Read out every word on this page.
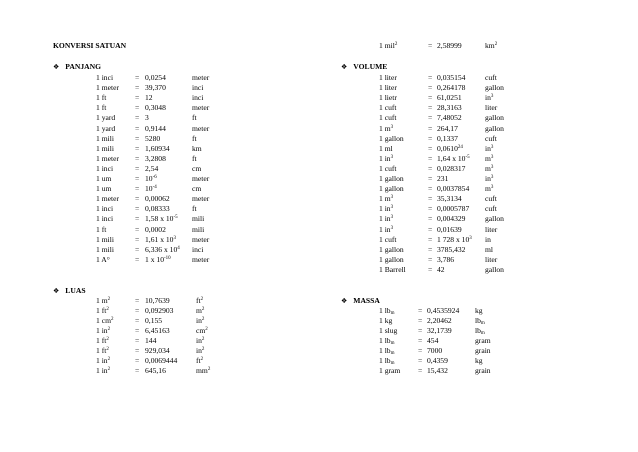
KONVERSI SATUAN
❖ PANJANG
1 inci	= 0,0254	meter
1 meter = 39,370	inci
1 ft	= 12	inci
1 ft	= 0,3048	meter
1 yard	= 3	ft
1 yard	= 0,9144	meter
1 mili	= 5280	ft
1 mili	= 1,60934	km
1 meter = 3,2808	ft
1 inci	= 2,54	cm
1 um	= $10^{-6}$	meter
1 um	= $10^{-4}$	cm
1 meter = 0,00062	meter
1 inci	= 0,08333	ft
1 inci	= 1,58 x $10^{-5}$ mili
1 ft	= 0,0002	mili
1 mili	= 1,61 x $10^3$ meter
1 mili	= 6,336 x $10^4$ inci
1 A°	= 1 x $10^{-10}$	meter
❖ LUAS
1 $m^2$	= 10,7639	$ft^2$
1 $ft^2$	= 0,092903	$m^2$
1 $cm^2$	= 0,155	$in^2$
1 $in^2$	= 6,45163	$cm^2$
1 $ft^2$	= 144	$in^2$
1 $ft^2$	= 929,034	$in^2$
1 $in^2$	= 0,0069444 $ft^2$
1 $in^2$	= 645,16	$mm^2$
1 mil$^2$	= 2,58999	$km^2$
❖ VOLUME
1 liter	= 0,035154	cuft
1 liter	= 0,264178	gallon
1 lietr	= 61,0251	$in^3$
1 cuft	= 28,3163	liter
1 cuft	= 7,48052	gallon
1 $m^3$	= 264,17	gallon
1 gallon	= 0,1337	cuft
1 ml	= $0,0610^{24}$	$in^3$
1 $in^3$	= 1,64 x $10^{-5}$ $m^3$
1 cuft	= 0,028317	$m^3$
1 gallon	= 231	$in^3$
1 gallon	= 0,0037854 $m^3$
1 $m^3$	= 35,3134	cuft
1 $in^3$	= 0,0005787 cuft
1 $in^3$	= 0,004329	gallon
1 $in^3$	= 0,01639	liter
1 cuft	= 1 728 x $10^3$ in
1 gallon	= 3785,432	ml
1 gallon	= 3,786	liter
1 Barrell	= 42	gallon
❖ MASSA
1 $lb_m$	= 0,4535924 kg
1 kg	= 2,20462	$lb_m$
1 slug	= 32,1739	$lb_m$
1 $lb_m$	= 454	gram
1 $lb_m$	= 7000	grain
1 $lb_m$	= 0,4359	kg
1 gram = 15,432	grain
